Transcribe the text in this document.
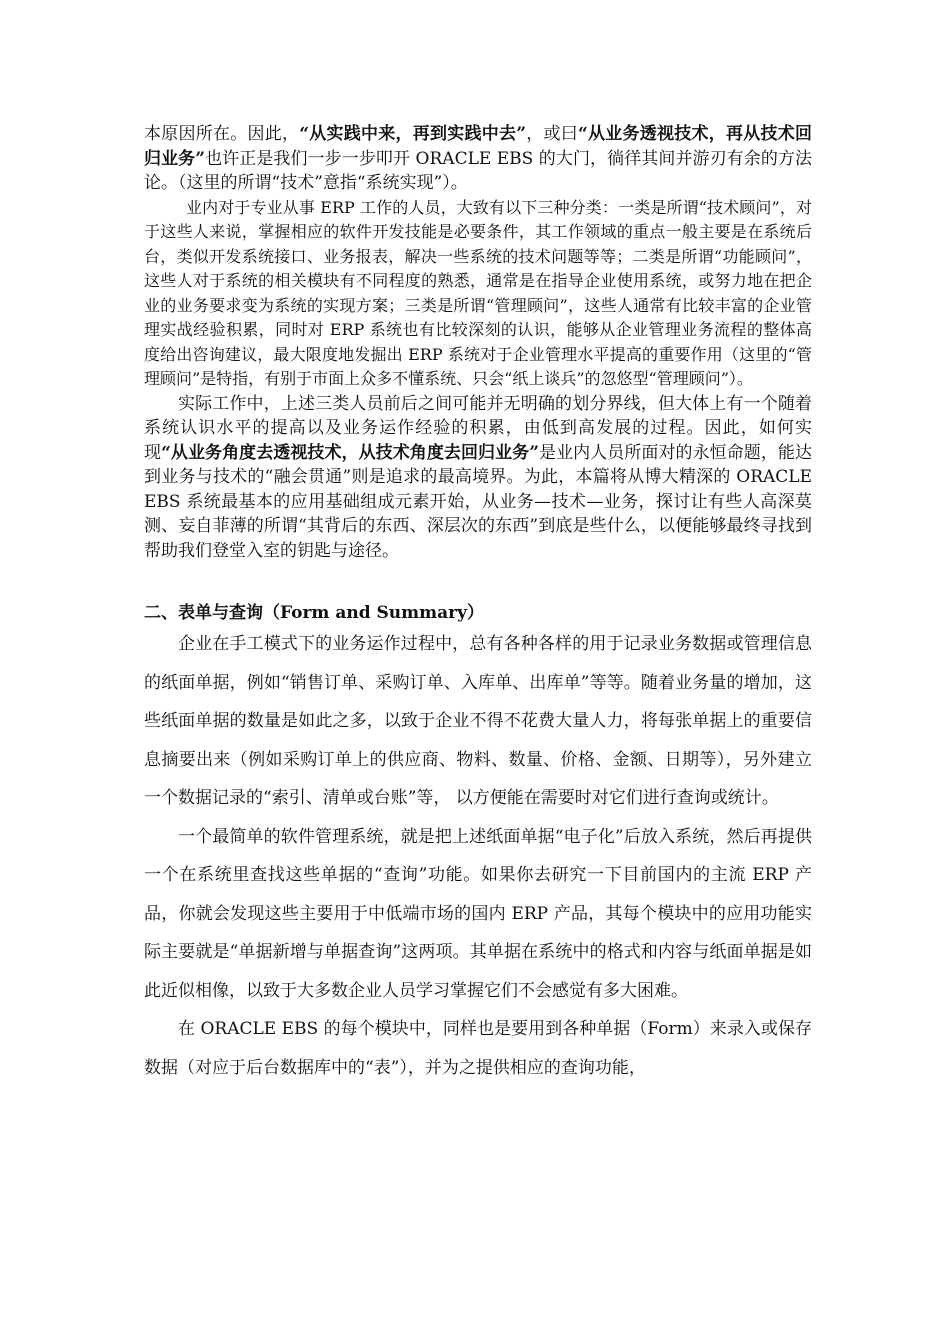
本原因所在。因此，“从实践中来，再到实践中去”，或曰“从业务透视技术，再从技术回归业务”也许正是我们一步一步叩开 ORACLE EBS 的大门，徜徉其间并游刃有余的方法论。（这里的所谓“技术”意指“系统实现”）。

业内对于专业从事 ERP 工作的人员，大致有以下三种分类：一类是所谓“技术顾问”，对于这些人来说，掌握相应的软件开发技能是必要条件，其工作领域的重点一般主要是在系统后台，类似开发系统接口、业务报表，解决一些系统的技术问题等等；二类是所谓“功能顾问”，这些人对于系统的相关模块有不同程度的熟悉，通常是在指导企业使用系统，或努力地在把企业的业务要求变为系统的实现方案；三类是所谓“管理顾问”，这些人通常有比较丰富的企业管理实战经验积累，同时对 ERP 系统也有比较深刻的认识，能够从企业管理业务流程的整体高度给出咨询建议，最大限度地发掘出 ERP 系统对于企业管理水平提高的重要作用（这里的“管理顾问”是特指，有别于市面上众多不懂系统、只会“纸上谈兵”的忽悠型“管理顾问”）。

实际工作中，上述三类人员前后之间可能并无明确的划分界线，但大体上有一个随着系统认识水平的提高以及业务运作经验的积累，由低到高发展的过程。因此，如何实现“从业务角度去透视技术，从技术角度去回归业务”是业内人员所面对的永恒命题，能达到业务与技术的“融会贯通”则是追求的最高境界。为此，本篇将从博大精深的 ORACLE EBS 系统最基本的应用基础组成元素开始，从业务—技术—业务，探讨让有些人高深莫测、妄自菲薄的所谓“其背后的东西、深层次的东西”到底是些什么，以便能够最终寻找到帮助我们登堂入室的钥匙与途径。

二、表单与查询（Form and Summary）

企业在手工模式下的业务运作过程中，总有各种各样的用于记录业务数据或管理信息的纸面单据，例如“销售订单、采购订单、入库单、出库单”等等。随着业务量的增加，这些纸面单据的数量是如此之多，以致于企业不得不花费大量人力，将每张单据上的重要信息摘要出来（例如采购订单上的供应商、物料、数量、价格、金额、日期等），另外建立一个数据记录的“索引、清单或台账”等， 以方便能在需要时对它们进行查询或统计。

一个最简单的软件管理系统，就是把上述纸面单据“电子化”后放入系统，然后再提供一个在系统里查找这些单据的“查询”功能。如果你去研究一下目前国内的主流 ERP 产品，你就会发现这些主要用于中低端市场的国内 ERP 产品，其每个模块中的应用功能实际主要就是“单据新增与单据查询”这两项。其单据在系统中的格式和内容与纸面单据是如此近似相像，以致于大多数企业人员学习掌握它们不会感觉有多大困难。

在 ORACLE EBS 的每个模块中，同样也是要用到各种单据（Form）来录入或保存数据（对应于后台数据库中的“表”），并为之提供相应的查询功能，
